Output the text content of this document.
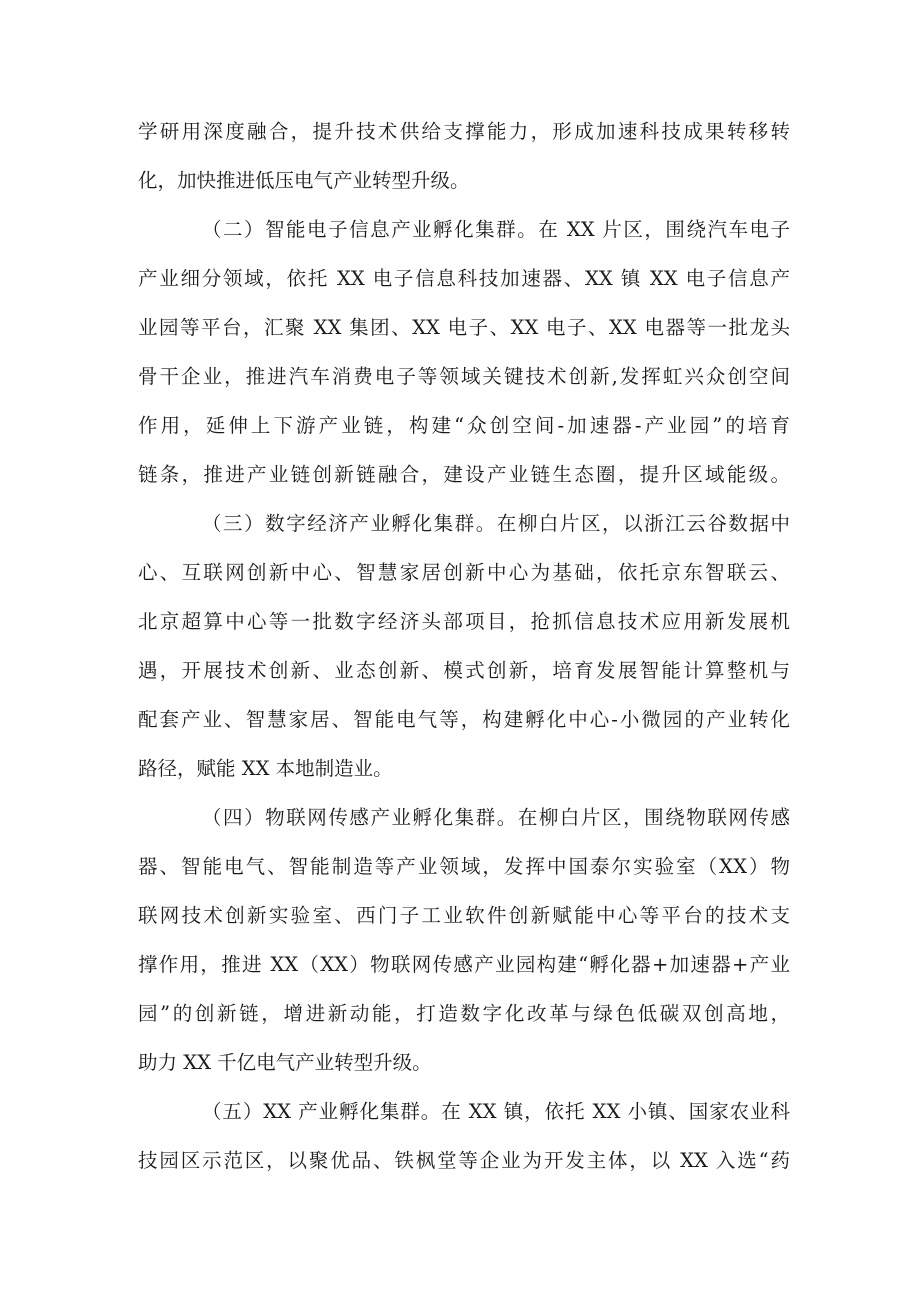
学研用深度融合，提升技术供给支撑能力，形成加速科技成果转移转
化，加快推进低压电气产业转型升级。
（二）智能电子信息产业孵化集群。在 XX 片区，围绕汽车电子
产业细分领域，依托 XX 电子信息科技加速器、XX 镇 XX 电子信息产
业园等平台，汇聚 XX 集团、XX 电子、XX 电子、XX 电器等一批龙头
骨干企业，推进汽车消费电子等领域关键技术创新,发挥虹兴众创空间
作用，延伸上下游产业链，构建“众创空间-加速器-产业园”的培育
链条，推进产业链创新链融合，建设产业链生态圈，提升区域能级。
（三）数字经济产业孵化集群。在柳白片区，以浙江云谷数据中
心、互联网创新中心、智慧家居创新中心为基础，依托京东智联云、
北京超算中心等一批数字经济头部项目，抢抓信息技术应用新发展机
遇，开展技术创新、业态创新、模式创新，培育发展智能计算整机与
配套产业、智慧家居、智能电气等，构建孵化中心-小微园的产业转化
路径，赋能 XX 本地制造业。
（四）物联网传感产业孵化集群。在柳白片区，围绕物联网传感
器、智能电气、智能制造等产业领域，发挥中国泰尔实验室（XX）物
联网技术创新实验室、西门子工业软件创新赋能中心等平台的技术支
撑作用，推进 XX（XX）物联网传感产业园构建“孵化器+加速器+产业
园”的创新链，增进新动能，打造数字化改革与绿色低碳双创高地，
助力 XX 千亿电气产业转型升级。
（五）XX 产业孵化集群。在 XX 镇，依托 XX 小镇、国家农业科
技园区示范区，以聚优品、铁枫堂等企业为开发主体，以 XX 入选“药
